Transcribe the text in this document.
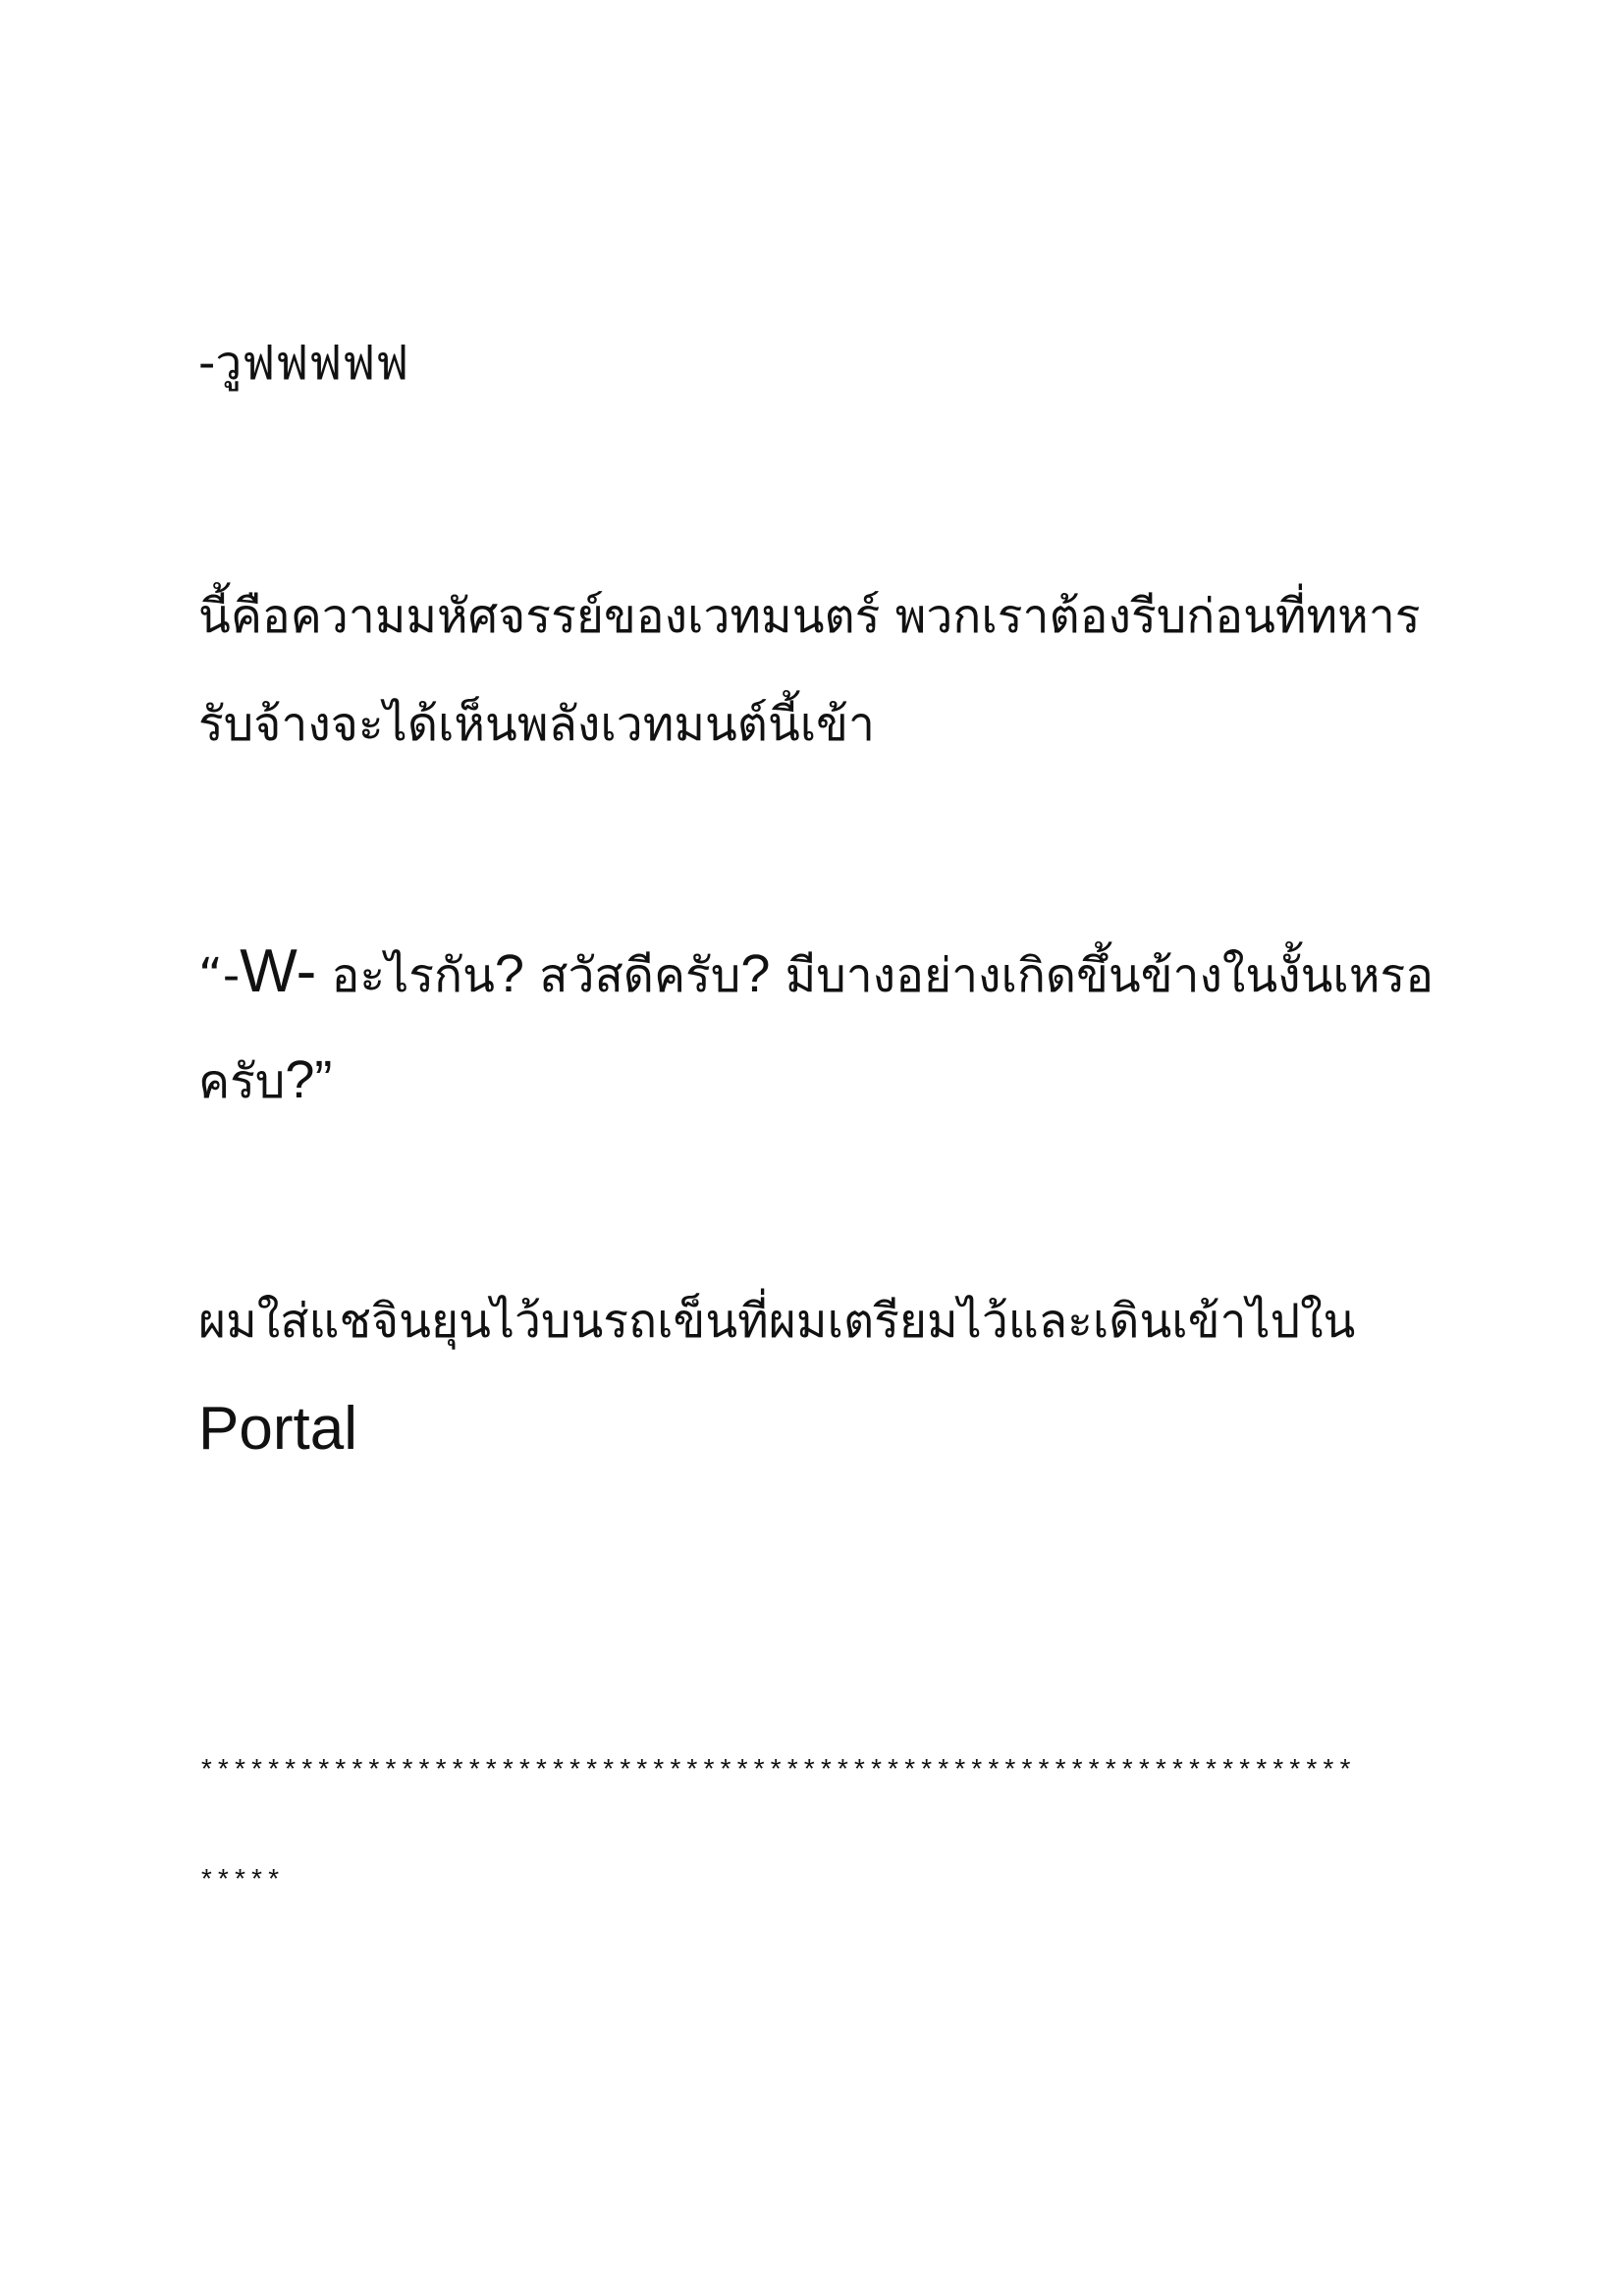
-วูฟฟฟฟฟ
นี้คือความมหัศจรรย์ของเวทมนตร์ พวกเราต้องรีบก่อนที่ทหาร
รับจ้างจะได้เห็นพลังเวทมนต์นี้เข้า
“-W- อะไรกัน? สวัสดีครับ? มีบางอย่างเกิดขึ้นข้างในงั้นเหรอ
ครับ?”
ผมใส่แชจินยุนไว้บนรถเข็นที่ผมเตรียมไว้และเดินเข้าไปใน
Portal
*********************************************************************
*****
